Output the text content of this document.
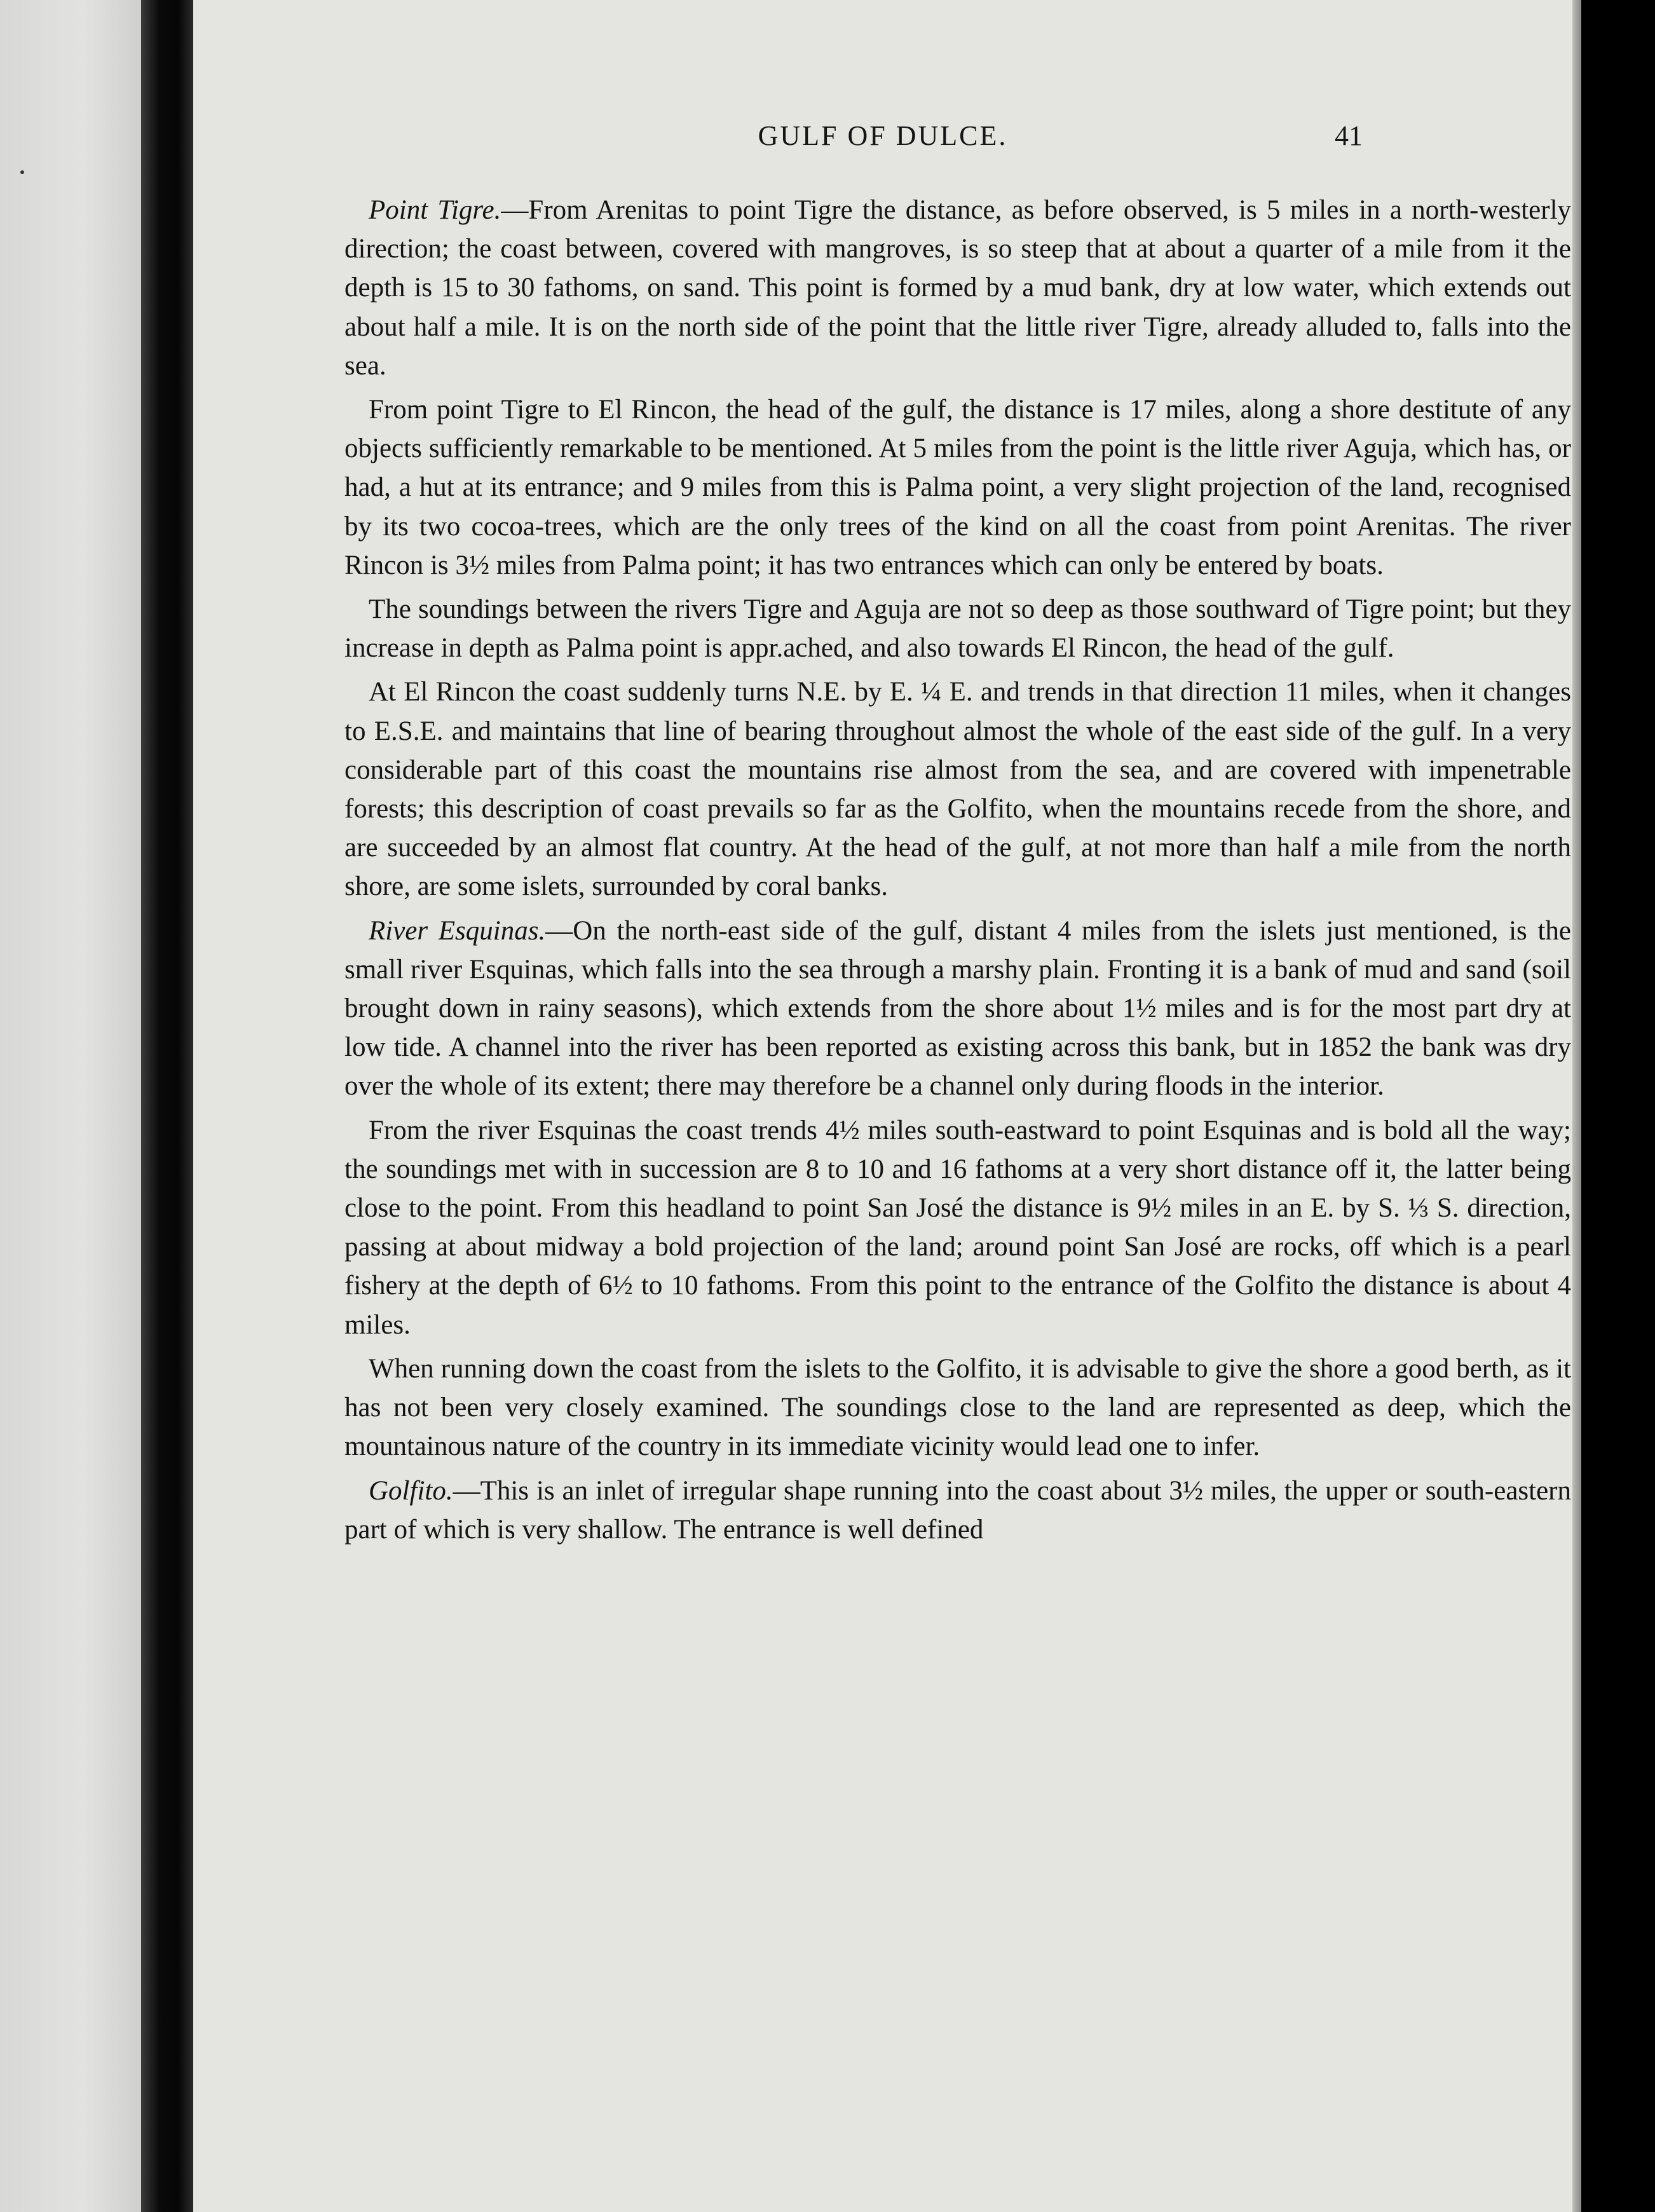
GULF OF DULCE.	41

Point Tigre.—From Arenitas to point Tigre the distance, as before observed, is 5 miles in a north-westerly direction; the coast between, covered with mangroves, is so steep that at about a quarter of a mile from it the depth is 15 to 30 fathoms, on sand. This point is formed by a mud bank, dry at low water, which extends out about half a mile. It is on the north side of the point that the little river Tigre, already alluded to, falls into the sea.

From point Tigre to El Rincon, the head of the gulf, the distance is 17 miles, along a shore destitute of any objects sufficiently remarkable to be mentioned. At 5 miles from the point is the little river Aguja, which has, or had, a hut at its entrance; and 9 miles from this is Palma point, a very slight projection of the land, recognised by its two cocoa-trees, which are the only trees of the kind on all the coast from point Arenitas. The river Rincon is 3½ miles from Palma point; it has two entrances which can only be entered by boats.

The soundings between the rivers Tigre and Aguja are not so deep as those southward of Tigre point; but they increase in depth as Palma point is appr.ached, and also towards El Rincon, the head of the gulf.

At El Rincon the coast suddenly turns N.E. by E. ¼ E. and trends in that direction 11 miles, when it changes to E.S.E. and maintains that line of bearing throughout almost the whole of the east side of the gulf. In a very considerable part of this coast the mountains rise almost from the sea, and are covered with impenetrable forests; this description of coast prevails so far as the Golfito, when the mountains recede from the shore, and are succeeded by an almost flat country. At the head of the gulf, at not more than half a mile from the north shore, are some islets, surrounded by coral banks.

River Esquinas.—On the north-east side of the gulf, distant 4 miles from the islets just mentioned, is the small river Esquinas, which falls into the sea through a marshy plain. Fronting it is a bank of mud and sand (soil brought down in rainy seasons), which extends from the shore about 1½ miles and is for the most part dry at low tide. A channel into the river has been reported as existing across this bank, but in 1852 the bank was dry over the whole of its extent; there may therefore be a channel only during floods in the interior.

From the river Esquinas the coast trends 4½ miles south-eastward to point Esquinas and is bold all the way; the soundings met with in succession are 8 to 10 and 16 fathoms at a very short distance off it, the latter being close to the point. From this headland to point San José the distance is 9½ miles in an E. by S. ⅓ S. direction, passing at about midway a bold projection of the land; around point San José are rocks, off which is a pearl fishery at the depth of 6½ to 10 fathoms. From this point to the entrance of the Golfito the distance is about 4 miles.

When running down the coast from the islets to the Golfito, it is advisable to give the shore a good berth, as it has not been very closely examined. The soundings close to the land are represented as deep, which the mountainous nature of the country in its immediate vicinity would lead one to infer.

Golfito.—This is an inlet of irregular shape running into the coast about 3½ miles, the upper or south-eastern part of which is very shallow. The entrance is well defined
